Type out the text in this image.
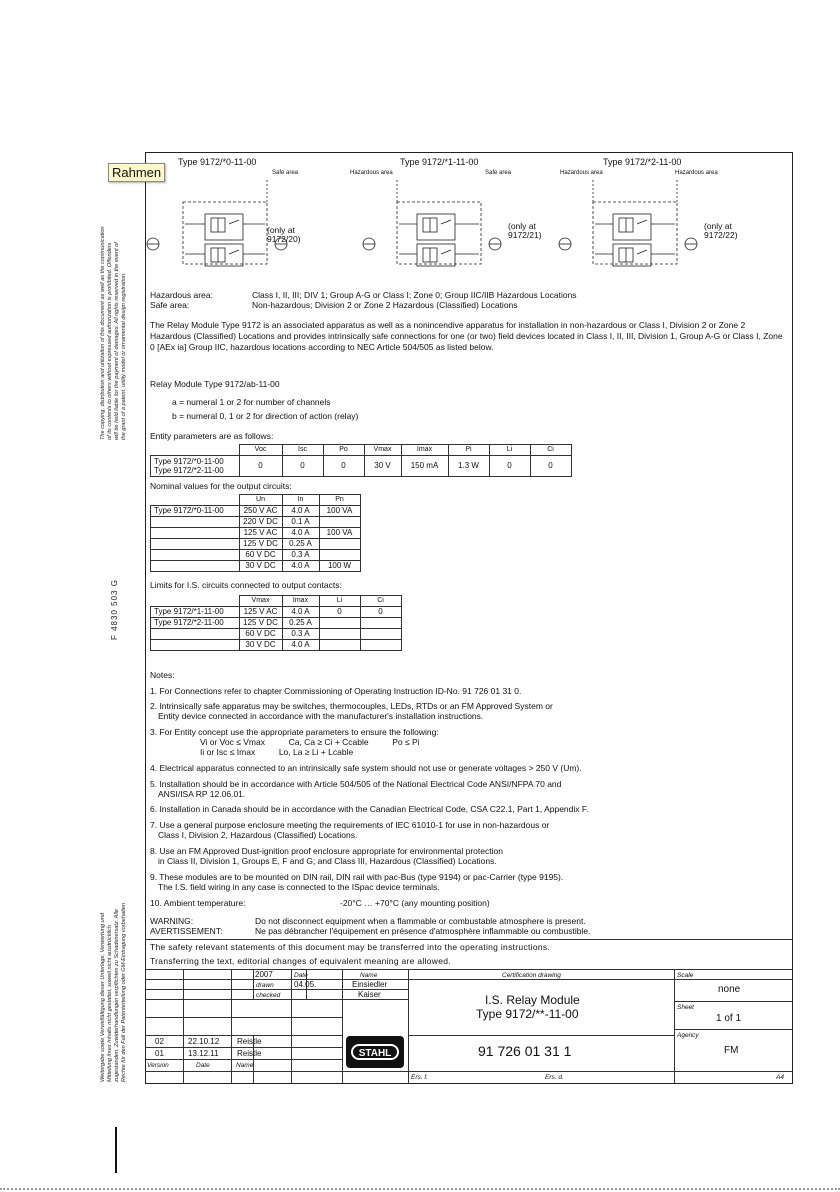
The copying, distribution and utilization of this document as well as the communication of its contents to others without expressed authorization is prohibited. Offenders will be held liable for the payment of damages. All rights reserved in the event of the grant of a patent, utility model or ornamental design registration.
F 4830 503 G
Weitergabe sowie Vervielfältigung dieser Unterlage, Verwertung und Mitteilung ihres Inhalts nicht gestattet, soweit nicht ausdrücklich zugestanden. Zuwiderhandlungen verpflichten zu Schadenersatz. Alle Rechte für den Fall der Patenterteilung oder GM-Eintragung vorbehalten
Type 9172/*0-11-00
Safe area
Type 9172/*1-11-00
Hazardous area	Safe area
Type 9172/*2-11-00
Hazardous area	Hazardous area
(only at 9172/20)
(only at 9172/21)
(only at 9172/22)
Hazardous area:	Class I, II, III; DIV 1; Group A-G or Class I; Zone 0; Group IIC/IIB Hazardous Locations
Safe area:	Non-hazardous; Division 2 or Zone 2 Hazardous (Classified) Locations
The Relay Module Type 9172 is an associated apparatus as well as a nonincendive apparatus for installation in non-hazardous or Class I, Division 2 or Zone 2 Hazardous (Classified) Locations and provides intrinsically safe connections for one (or two) field devices located in Class I, II, III, Division 1, Group A-G or Class I, Zone 0 [AEx ia] Group IIC, hazardous locations according to NEC Article 504/505 as listed below.
Relay Module Type 9172/ab-11-00
a = numeral 1 or 2 for number of channels
b = numeral 0, 1 or 2 for direction of action (relay)
Entity parameters are as follows:
	Voc	Isc	Po	Vmax	Imax	Pi	Li	Ci

Type 9172/*0-11-00
Type 9172/*2-11-00	0	0	0	30 V	150 mA	1.3 W	0	0
Nominal values for the output circuits:
	Un	In	Pn
Type 9172/*0-11-00	250 V AC	4.0 A	100 VA
	220 V DC	0.1 A	
	125 V AC	4.0 A	100 VA
	125 V DC	0.25 A	
	60 V DC	0.3 A	
	30 V DC	4.0 A	100 W
Limits for I.S. circuits connected to output contacts:
	Vmax	Imax	Li	Ci
Type 9172/*1-11-00	125 V AC	4.0 A	0	0
Type 9172/*2-11-00	125 V DC	0.25 A		
	60 V DC	0.3 A		
	30 V DC	4.0 A		
Notes:
1. For Connections refer to chapter Commissioning of Operating Instruction ID-No. 91 726 01 31 0.
2. Intrinsically safe apparatus may be switches, thermocouples, LEDs, RTDs or an FM Approved System or
Entity device connected in accordance with the manufacturer's installation instructions.
3. For Entity concept use the appropriate parameters to ensure the following:
Vi or Voc ≤ Vmax          Ca, Ca ≥ Ci + Ccable          Po ≤ Pi
Ii or Isc ≤ Imax          Lo, La ≥ Li + Lcable
4. Electrical apparatus connected to an intrinsically safe system should not use or generate voltages > 250 V (Um).
5. Installation should be in accordance with Article 504/505 of the National Electrical Code ANSI/NFPA 70 and
ANSI/ISA RP 12.06.01.
6. Installation in Canada should be in accordance with the Canadian Electrical Code, CSA C22.1, Part 1, Appendix F.
7. Use a general purpose enclosure meeting the requirements of IEC 61010-1 for use in non-hazardous or
Class I, Division 2, Hazardous (Classified) Locations.
8. Use an FM Approved Dust-ignition proof enclosure appropriate for environmental protection
in Class II, Division 1, Groups E, F and G; and Class III, Hazardous (Classified) Locations.
9. These modules are to be mounted on DIN rail, DIN rail with pac-Bus (type 9194) or pac-Carrier (type 9195).
The I.S. field wiring in any case is connected to the ISpac device terminals.
10. Ambient temperature:	-20°C … +70°C (any mounting position)
WARNING:	Do not disconnect equipment when a flammable or combustable atmosphere is present.
AVERTISSEMENT:	Ne pas débrancher l'équipement en présence d'atmosphère inflammable ou combustible.
The safety relevant statements of this document may be transferred into the operating instructions.
Transferring the text, editorial changes of equivalent meaning are allowed.
2007	Date	Name
drawn	04.05.	Einsiedler
checked	Kaiser
Certification drawing
I.S. Relay Module
Type 9172/**-11-00
91 726 01 31 1
Scale
none
Sheet
1 of 1
Agency
FM
STAHL
02	22.10.12 Reistle
01	13.12.11 Reistle
Version	Date	Name
Ers. f.	Ers. d.	A4
Rahmen
